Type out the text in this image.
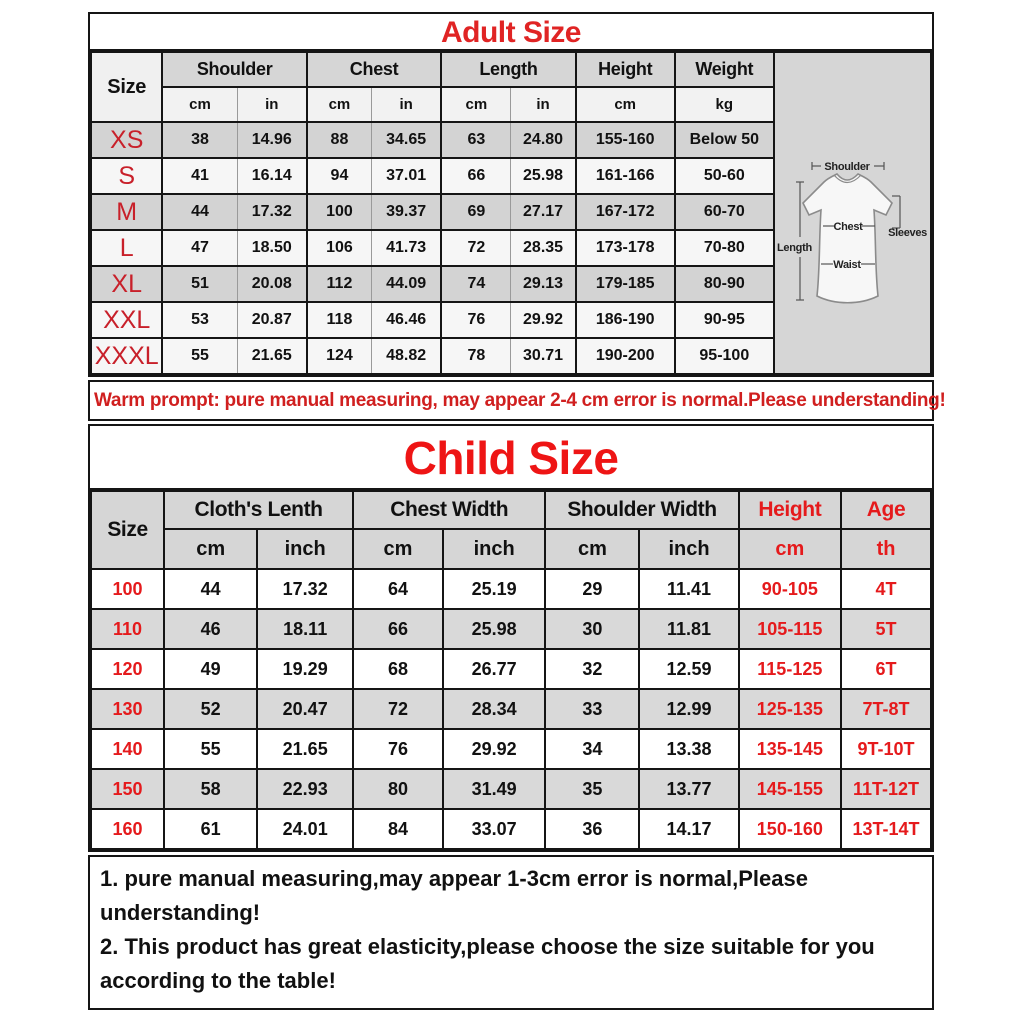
Adult Size
Size	Shoulder		Chest		Length		Height	Weight	Shoulder
Length
Chest
Waist
Sleeves

	cm	in	cm	in	cm	in	cm	kg	
XS	38	14.96	88	34.65	63	24.80	155-160	Below 50	
S	41	16.14	94	37.01	66	25.98	161-166	50-60	
M	44	17.32	100	39.37	69	27.17	167-172	60-70	
L	47	18.50	106	41.73	72	28.35	173-178	70-80	
XL	51	20.08	112	44.09	74	29.13	179-185	80-90	
XXL	53	20.87	118	46.46	76	29.92	186-190	90-95	
XXXL	55	21.65	124	48.82	78	30.71	190-200	95-100	
Warm prompt: pure manual measuring, may appear 2-4 cm error is normal.Please understanding!
Child Size
Size	Cloth's Lenth		Chest Width		Shoulder Width		Height	Age
	cm	inch	cm	inch	cm	inch	cm	th
100	44	17.32	64	25.19	29	11.41	90-105	4T
110	46	18.11	66	25.98	30	11.81	105-115	5T
120	49	19.29	68	26.77	32	12.59	115-125	6T
130	52	20.47	72	28.34	33	12.99	125-135	7T-8T
140	55	21.65	76	29.92	34	13.38	135-145	9T-10T
150	58	22.93	80	31.49	35	13.77	145-155	11T-12T
160	61	24.01	84	33.07	36	14.17	150-160	13T-14T

1. pure manual measuring,may appear 1-3cm error is normal,Please understanding!

2. This product has great elasticity,please choose the size suitable for you according to the table!
